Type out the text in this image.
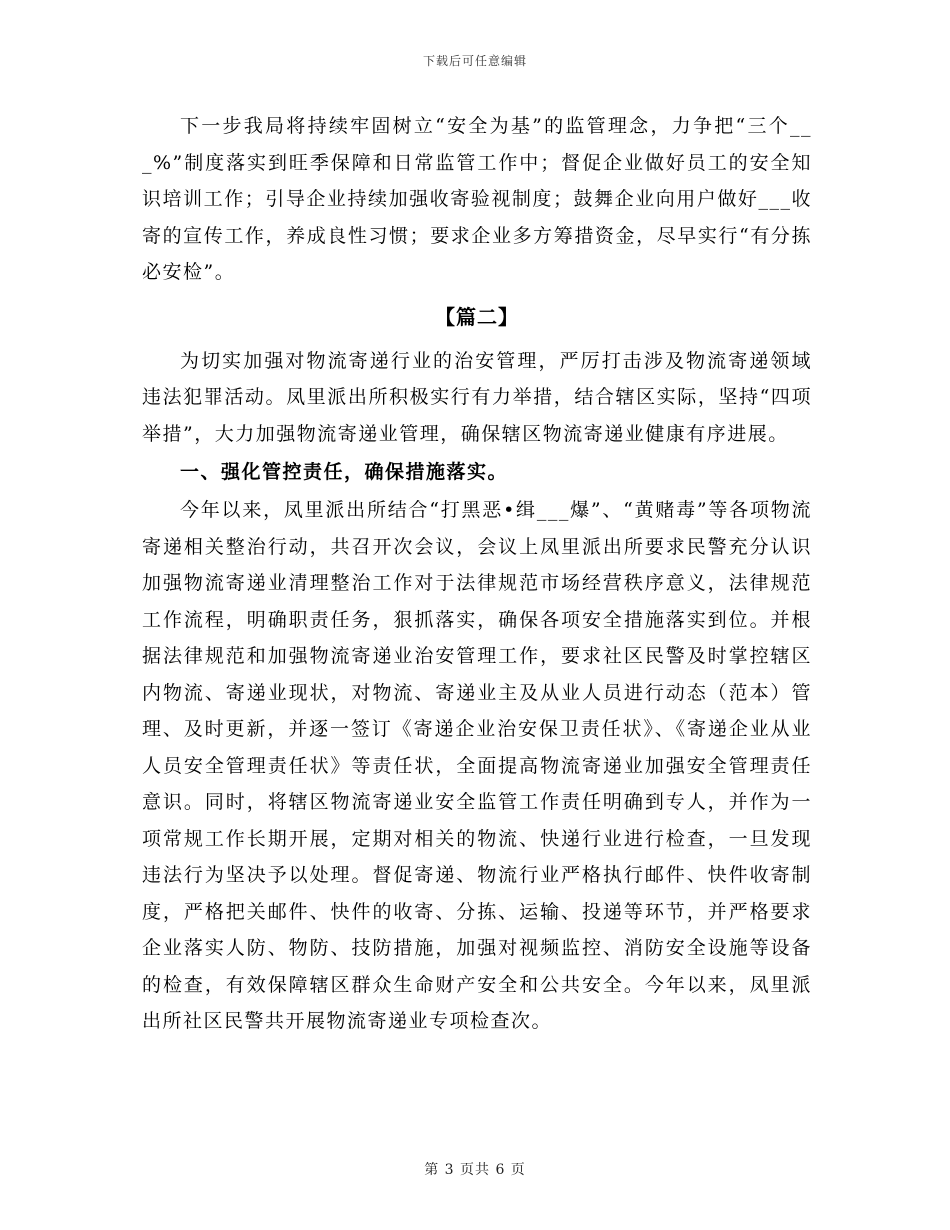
下载后可任意编辑

下一步我局将持续牢固树立“安全为基”的监管理念，力争把“三个___%”制度落实到旺季保障和日常监管工作中；督促企业做好员工的安全知识培训工作；引导企业持续加强收寄验视制度；鼓舞企业向用户做好___收寄的宣传工作，养成良性习惯；要求企业多方筹措资金，尽早实行“有分拣必安检”。

【篇二】

为切实加强对物流寄递行业的治安管理，严厉打击涉及物流寄递领域违法犯罪活动。凤里派出所积极实行有力举措，结合辖区实际，坚持“四项举措”，大力加强物流寄递业管理，确保辖区物流寄递业健康有序进展。

一、强化管控责任，确保措施落实。

今年以来，凤里派出所结合“打黑恶•缉___爆”、“黄赌毒”等各项物流寄递相关整治行动，共召开次会议，会议上凤里派出所要求民警充分认识加强物流寄递业清理整治工作对于法律规范市场经营秩序意义，法律规范工作流程，明确职责任务，狠抓落实，确保各项安全措施落实到位。并根据法律规范和加强物流寄递业治安管理工作，要求社区民警及时掌控辖区内物流、寄递业现状，对物流、寄递业主及从业人员进行动态（范本）管理、及时更新，并逐一签订《寄递企业治安保卫责任状》、《寄递企业从业人员安全管理责任状》等责任状，全面提高物流寄递业加强安全管理责任意识。同时，将辖区物流寄递业安全监管工作责任明确到专人，并作为一项常规工作长期开展，定期对相关的物流、快递行业进行检查，一旦发现违法行为坚决予以处理。督促寄递、物流行业严格执行邮件、快件收寄制度，严格把关邮件、快件的收寄、分拣、运输、投递等环节，并严格要求企业落实人防、物防、技防措施，加强对视频监控、消防安全设施等设备的检查，有效保障辖区群众生命财产安全和公共安全。今年以来，凤里派出所社区民警共开展物流寄递业专项检查次。

第 3 页共 6 页
